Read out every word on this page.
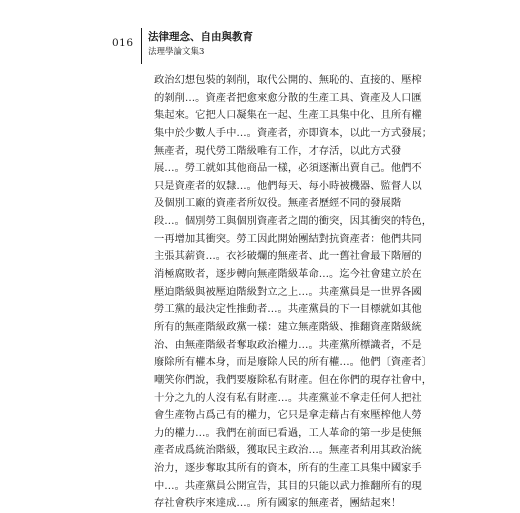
016 法律理念、自由與教育
法理學論文集3
政治幻想包裝的剝削，取代公開的、無恥的、直接的、壓榨
的剝削…。資產者把愈來愈分散的生產工具、資產及人口匯
集起來。它把人口凝集在一起、生產工具集中化、且所有權
集中於少數人手中…。資產者，亦即資本，以此一方式發展；
無產者，現代勞工階級唯有工作，才存活，以此方式發
展…。勞工就如其他商品一樣，必須逐漸出賣自己。他們不
只是資產者的奴隸…。他們每天、每小時被機器、監督人以
及個別工廠的資產者所奴役。無產者歷經不同的發展階
段…。個別勞工與個別資產者之間的衝突，因其衝突的特色，
一再增加其衝突。勞工因此開始團結對抗資產者：他們共同
主張其薪資…。衣衫破爛的無產者、此一舊社會最下階層的
消極腐敗者，逐步轉向無產階級革命…。迄今社會建立於在
壓迫階級與被壓迫階級對立之上…。共產黨員是一世界各國
勞工黨的最決定性推動者…。共產黨員的下一目標就如其他
所有的無產階級政黨一樣：建立無產階級、推翻資產階級統
治、由無產階級者奪取政治權力…。共產黨所標識者，不是
廢除所有權本身，而是廢除人民的所有權…。他們〔資產者〕
嘲笑你們說，我們要廢除私有財產。但在你們的現存社會中，
十分之九的人沒有私有財產…。共產黨並不拿走任何人把社
會生產物占爲己有的權力，它只是拿走藉占有來壓榨他人勞
力的權力…。我們在前面已看過，工人革命的第一步是使無
產者成爲統治階級，獲取民主政治…。無產者利用其政治統
治力，逐步奪取其所有的資本，所有的生產工具集中國家手
中…。共產黨員公開宣告，其目的只能以武力推翻所有的現
存社會秩序來達成…。所有國家的無產者，團結起來！
